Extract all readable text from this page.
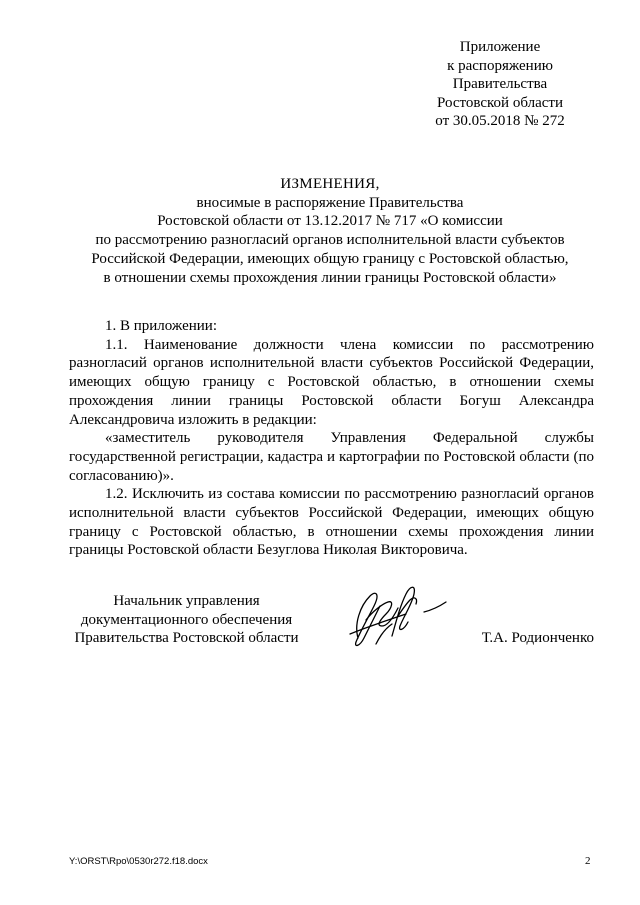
Приложение
к распоряжению
Правительства
Ростовской области
от 30.05.2018 № 272
ИЗМЕНЕНИЯ,
вносимые в распоряжение Правительства
Ростовской области от 13.12.2017 № 717 «О комиссии
по рассмотрению разногласий органов исполнительной власти субъектов
Российской Федерации, имеющих общую границу с Ростовской областью,
в отношении схемы прохождения линии границы Ростовской области»

1. В приложении:

1.1. Наименование должности члена комиссии по рассмотрению разногласий органов исполнительной власти субъектов Российской Федерации, имеющих общую границу с Ростовской областью, в отношении схемы прохождения линии границы Ростовской области Богуш Александра Александровича изложить в редакции:

«заместитель руководителя Управления Федеральной службы государственной регистрации, кадастра и картографии по Ростовской области (по согласованию)».

1.2. Исключить из состава комиссии по рассмотрению разногласий органов исполнительной власти субъектов Российской Федерации, имеющих общую границу с Ростовской областью, в отношении схемы прохождения линии границы Ростовской области Безуглова Николая Викторовича.

Начальник управления
документационного обеспечения
Правительства Ростовской области	Т.А. Родионченко
Y:\ORST\Rpo\0530r272.f18.docx	2
